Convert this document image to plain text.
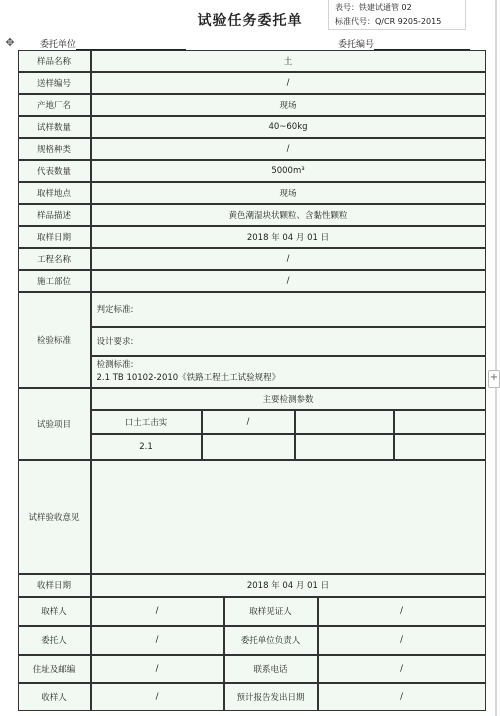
✥
试验任务委托单
表号：铁建试通管 02
标准代号：Q/CR 9205-2015
委托单位	委托编号
样品名称	土
送样编号	/
产地厂名	现场
试样数量	40~60kg
规格种类	/
代表数量	5000m³
取样地点	现场
样品描述	黄色潮湿块状颗粒、含黏性颗粒
取样日期	2018 年 04 月 01 日
工程名称	/
施工部位	/
检验标准
判定标准:
设计要求:
检测标准:
2.1 TB 10102-2010《铁路工程土工试验规程》
试验项目
主要检测参数
口土工击实	/
2.1
试样验收意见
收样日期	2018 年 04 月 01 日
取样人	/	取样见证人	/
委托人	/	委托单位负责人	/
住址及邮编	/	联系电话	/
收样人	/	预计报告发出日期	/
+
